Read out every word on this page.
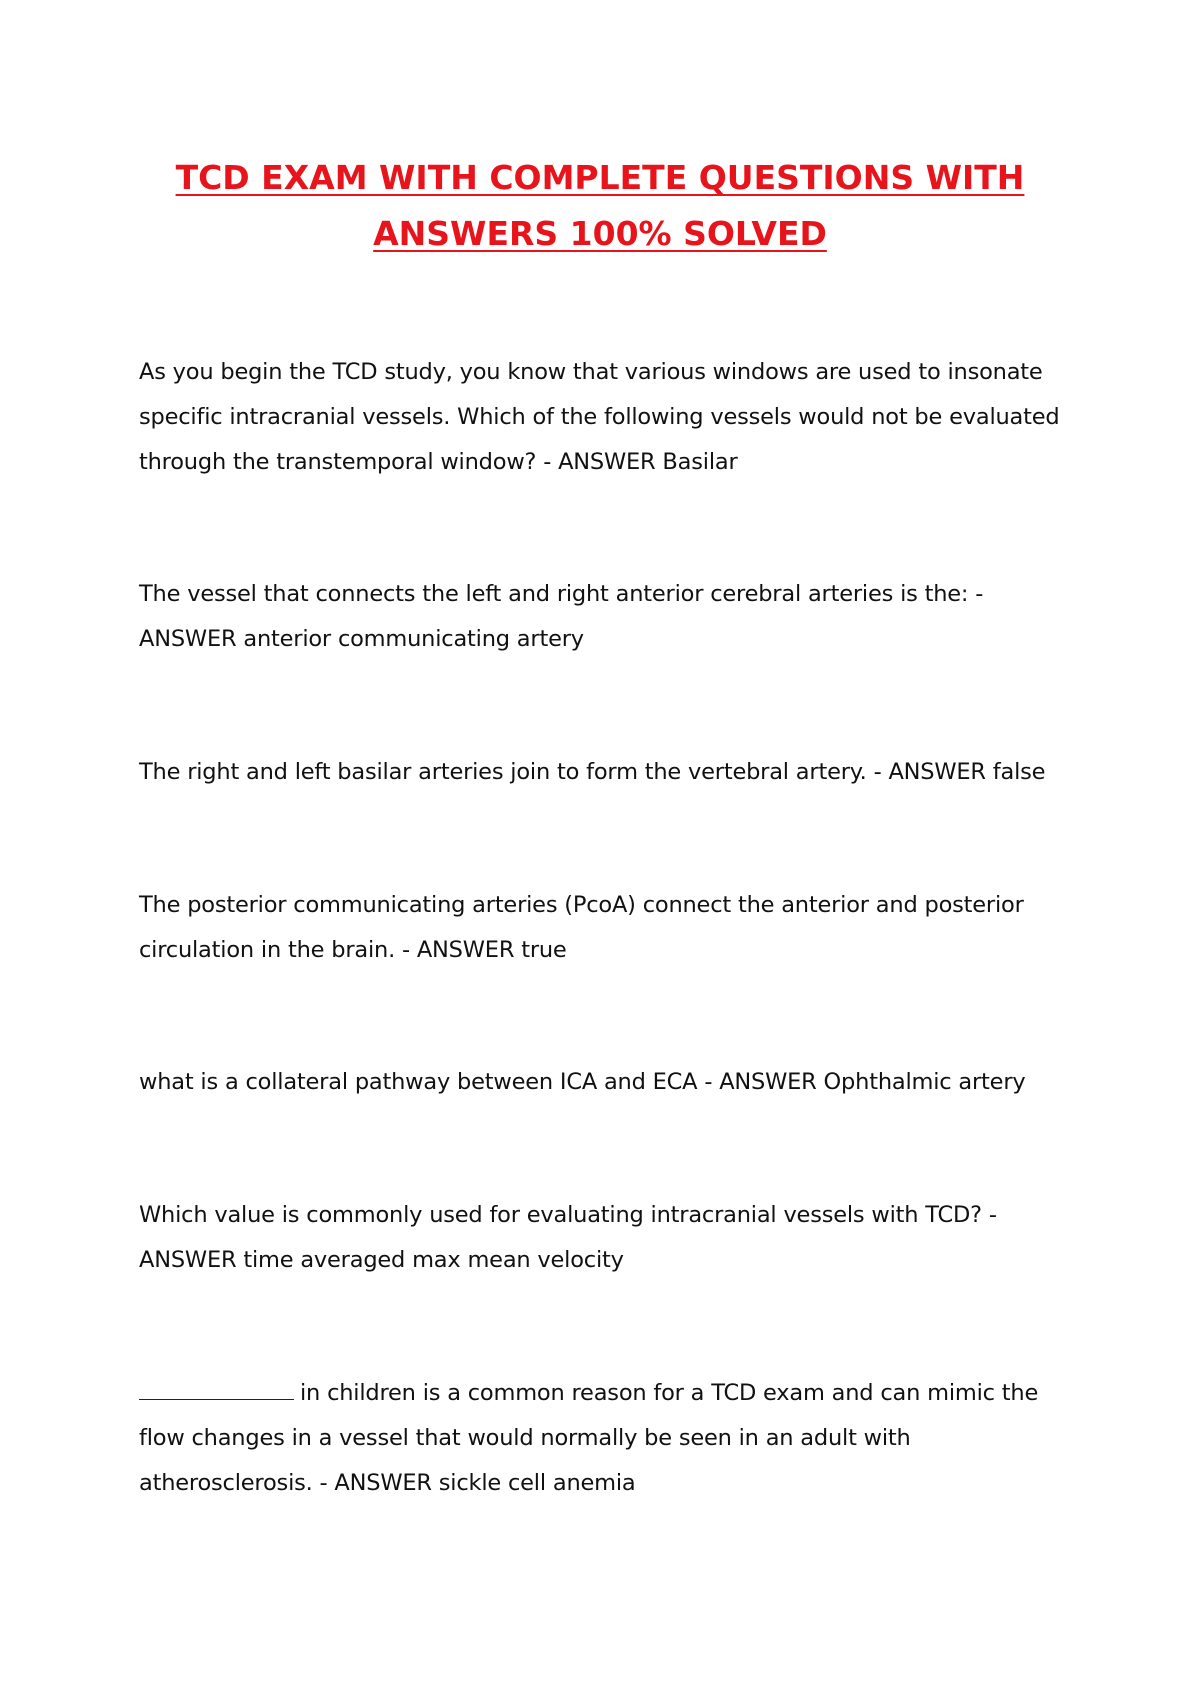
TCD EXAM WITH COMPLETE QUESTIONS WITH
ANSWERS 100% SOLVED
As you begin the TCD study, you know that various windows are used to insonate specific intracranial vessels. Which of the following vessels would not be evaluated through the transtemporal window? - ANSWER Basilar
The vessel that connects the left and right anterior cerebral arteries is the: - ANSWER anterior communicating artery
The right and left basilar arteries join to form the vertebral artery. - ANSWER false
The posterior communicating arteries (PcoA) connect the anterior and posterior circulation in the brain. - ANSWER true
what is a collateral pathway between ICA and ECA - ANSWER Ophthalmic artery
Which value is commonly used for evaluating intracranial vessels with TCD? - ANSWER time averaged max mean velocity
in children is a common reason for a TCD exam and can mimic the flow changes in a vessel that would normally be seen in an adult with atherosclerosis. - ANSWER sickle cell anemia
